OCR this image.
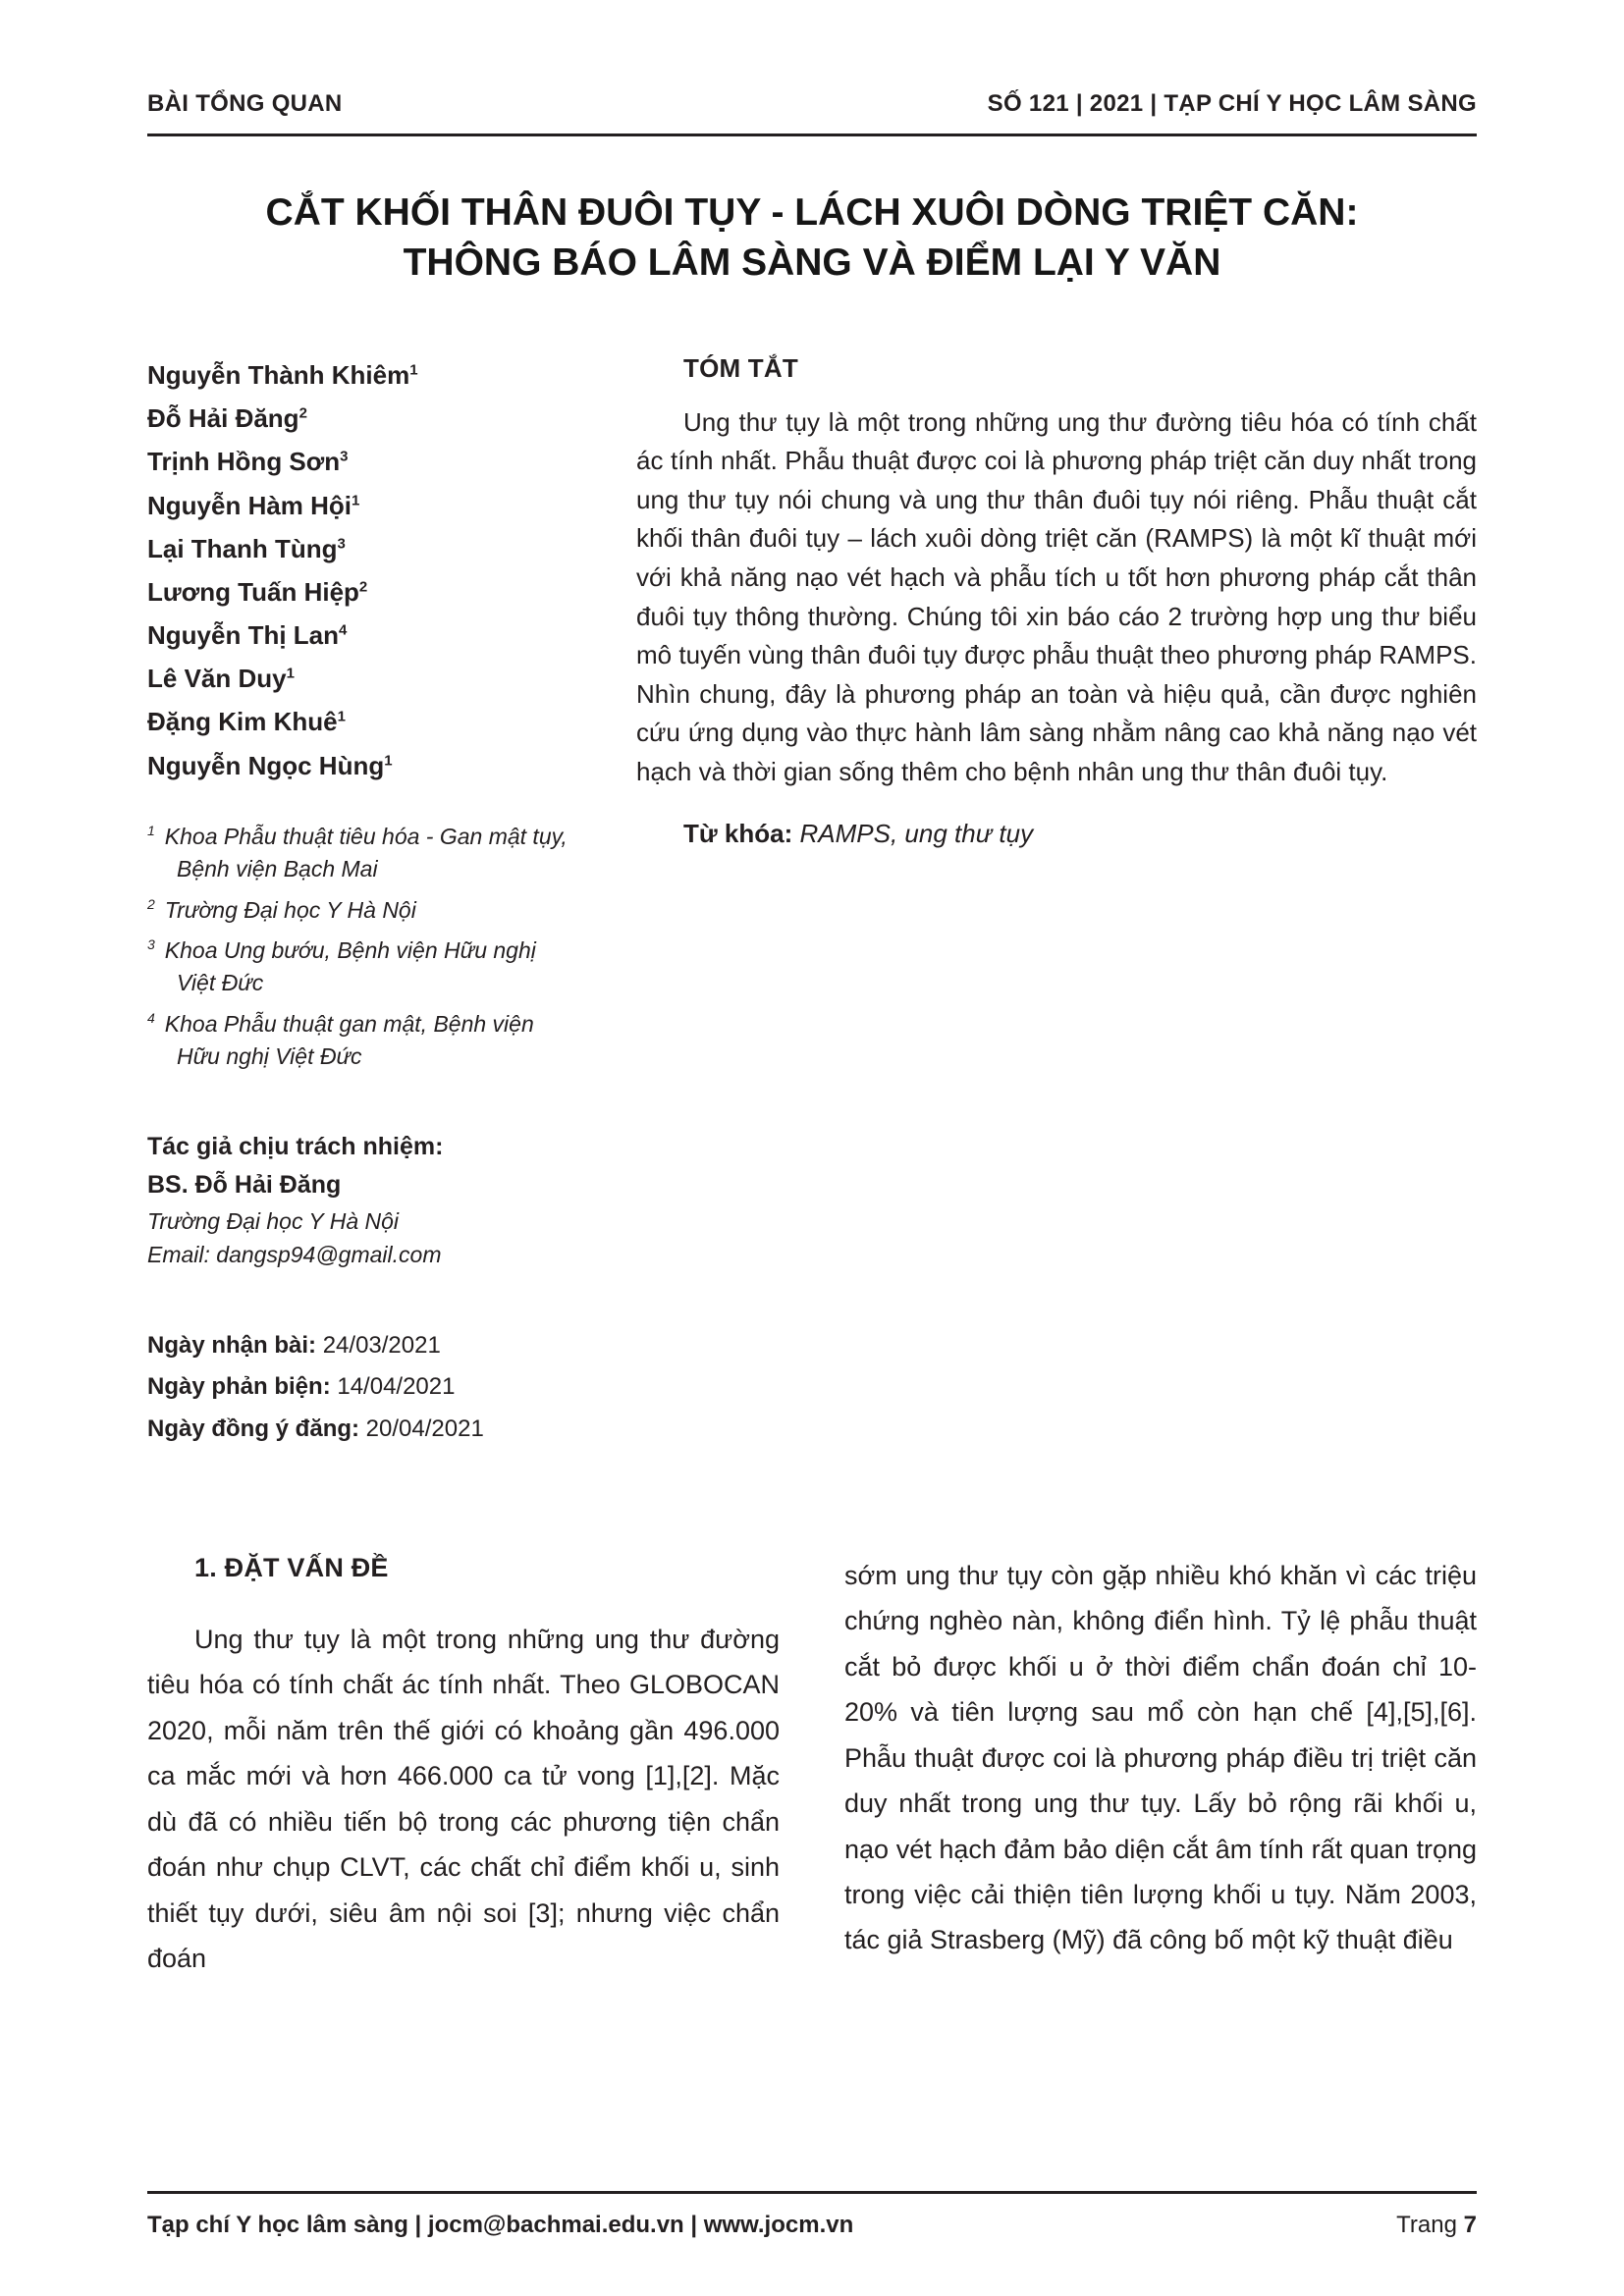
BÀI TỔNG QUAN	SỐ 121 | 2021 | TẠP CHÍ Y HỌC LÂM SÀNG
CẮT KHỐI THÂN ĐUÔI TỤY - LÁCH XUÔI DÒNG TRIỆT CĂN:
THÔNG BÁO LÂM SÀNG VÀ ĐIỂM LẠI Y VĂN
Nguyễn Thành Khiêm$^1$
Đỗ Hải Đăng$^2$
Trịnh Hồng Sơn$^3$
Nguyễn Hàm Hội$^1$
Lại Thanh Tùng$^3$
Lương Tuấn Hiệp$^2$
Nguyễn Thị Lan$^4$
Lê Văn Duy$^1$
Đặng Kim Khuê$^1$
Nguyễn Ngọc Hùng$^1$
$^1$ Khoa Phẫu thuật tiêu hóa - Gan mật tụy, Bệnh viện Bạch Mai
$^2$ Trường Đại học Y Hà Nội
$^3$ Khoa Ung bướu, Bệnh viện Hữu nghị Việt Đức
$^4$ Khoa Phẫu thuật gan mật, Bệnh viện Hữu nghị Việt Đức
Tác giả chịu trách nhiệm:
BS. Đỗ Hải Đăng
Trường Đại học Y Hà Nội
Email: dangsp94@gmail.com
Ngày nhận bài: 24/03/2021
Ngày phản biện: 14/04/2021
Ngày đồng ý đăng: 20/04/2021
TÓM TẮT

Ung thư tụy là một trong những ung thư đường tiêu hóa có tính chất ác tính nhất. Phẫu thuật được coi là phương pháp triệt căn duy nhất trong ung thư tụy nói chung và ung thư thân đuôi tụy nói riêng. Phẫu thuật cắt khối thân đuôi tụy – lách xuôi dòng triệt căn (RAMPS) là một kĩ thuật mới với khả năng nạo vét hạch và phẫu tích u tốt hơn phương pháp cắt thân đuôi tụy thông thường. Chúng tôi xin báo cáo 2 trường hợp ung thư biểu mô tuyến vùng thân đuôi tụy được phẫu thuật theo phương pháp RAMPS. Nhìn chung, đây là phương pháp an toàn và hiệu quả, cần được nghiên cứu ứng dụng vào thực hành lâm sàng nhằm nâng cao khả năng nạo vét hạch và thời gian sống thêm cho bệnh nhân ung thư thân đuôi tụy.

Từ khóa: RAMPS, ung thư tụy

1. ĐẶT VẤN ĐỀ

Ung thư tụy là một trong những ung thư đường tiêu hóa có tính chất ác tính nhất. Theo GLOBOCAN 2020, mỗi năm trên thế giới có khoảng gần 496.000 ca mắc mới và hơn 466.000 ca tử vong [1],[2]. Mặc dù đã có nhiều tiến bộ trong các phương tiện chẩn đoán như chụp CLVT, các chất chỉ điểm khối u, sinh thiết tụy dưới, siêu âm nội soi [3]; nhưng việc chẩn đoán

sớm ung thư tụy còn gặp nhiều khó khăn vì các triệu chứng nghèo nàn, không điển hình. Tỷ lệ phẫu thuật cắt bỏ được khối u ở thời điểm chẩn đoán chỉ 10-20% và tiên lượng sau mổ còn hạn chế [4],[5],[6]. Phẫu thuật được coi là phương pháp điều trị triệt căn duy nhất trong ung thư tụy. Lấy bỏ rộng rãi khối u, nạo vét hạch đảm bảo diện cắt âm tính rất quan trọng trong việc cải thiện tiên lượng khối u tụy. Năm 2003, tác giả Strasberg (Mỹ) đã công bố một kỹ thuật điều

Tạp chí Y học lâm sàng | jocm@bachmai.edu.vn | www.jocm.vn	Trang 7
